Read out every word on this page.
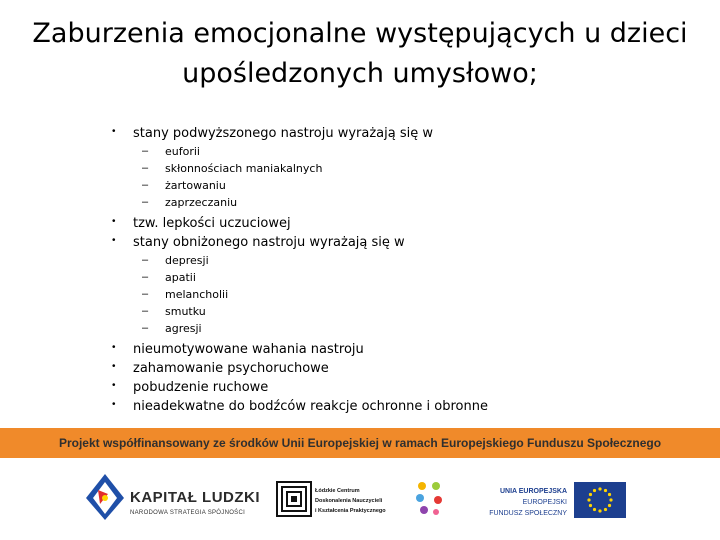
Zaburzenia emocjonalne występujących u dzieci
upośledzonych umysłowo;
• stany podwyższonego nastroju wyrażają się w
– euforii
– skłonnościach maniakalnych
– żartowaniu
– zaprzeczaniu
• tzw. lepkości uczuciowej
• stany obniżonego nastroju wyrażają się w
– depresji
– apatii
– melancholii
– smutku
– agresji
• nieumotywowane wahania nastroju
• zahamowanie psychoruchowe
• pobudzenie ruchowe
• nieadekwatne do bodźców reakcje ochronne i obronne
Projekt współfinansowany ze środków Unii Europejskiej w ramach Europejskiego Funduszu Społecznego
KAPITAŁ LUDZKI
NARODOWA STRATEGIA SPÓJNOŚCI
Łódzkie Centrum
Doskonalenia Nauczycieli
i Kształcenia Praktycznego
UNIA EUROPEJSKA
EUROPEJSKI
FUNDUSZ SPOŁECZNY
